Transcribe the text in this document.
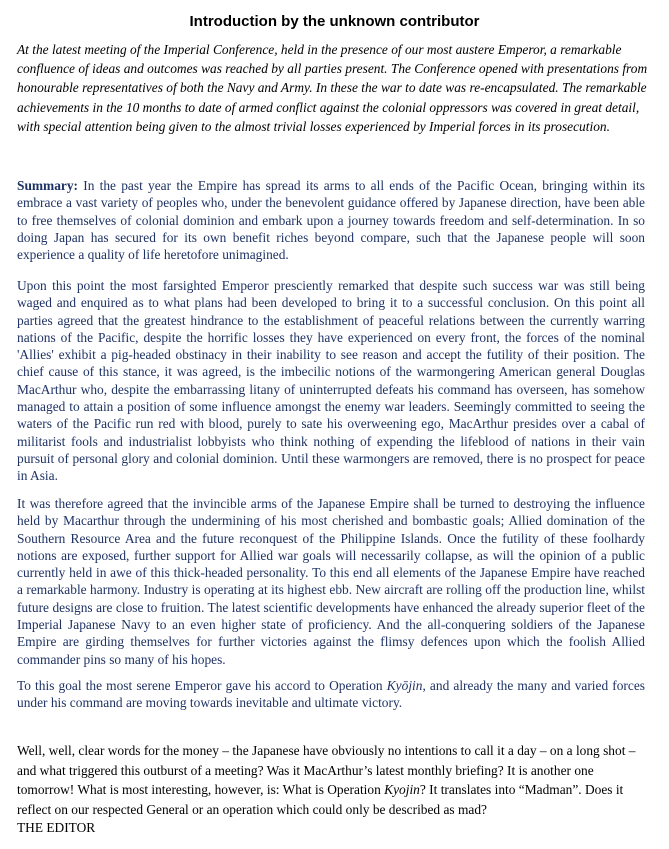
Introduction by the unknown contributor

At the latest meeting of the Imperial Conference, held in the presence of our most austere Emperor, a remarkable confluence of ideas and outcomes was reached by all parties present. The Conference opened with presentations from honourable representatives of both the Navy and Army. In these the war to date was re-encapsulated. The remarkable achievements in the 10 months to date of armed conflict against the colonial oppressors was covered in great detail, with special attention being given to the almost trivial losses experienced by Imperial forces in its prosecution.

Summary: In the past year the Empire has spread its arms to all ends of the Pacific Ocean, bringing within its embrace a vast variety of peoples who, under the benevolent guidance offered by Japanese direction, have been able to free themselves of colonial dominion and embark upon a journey towards freedom and self-determination. In so doing Japan has secured for its own benefit riches beyond compare, such that the Japanese people will soon experience a quality of life heretofore unimagined.

Upon this point the most farsighted Emperor presciently remarked that despite such success war was still being waged and enquired as to what plans had been developed to bring it to a successful conclusion. On this point all parties agreed that the greatest hindrance to the establishment of peaceful relations between the currently warring nations of the Pacific, despite the horrific losses they have experienced on every front, the forces of the nominal 'Allies' exhibit a pig-headed obstinacy in their inability to see reason and accept the futility of their position. The chief cause of this stance, it was agreed, is the imbecilic notions of the warmongering American general Douglas MacArthur who, despite the embarrassing litany of uninterrupted defeats his command has overseen, has somehow managed to attain a position of some influence amongst the enemy war leaders. Seemingly committed to seeing the waters of the Pacific run red with blood, purely to sate his overweening ego, MacArthur presides over a cabal of militarist fools and industrialist lobbyists who think nothing of expending the lifeblood of nations in their vain pursuit of personal glory and colonial dominion. Until these warmongers are removed, there is no prospect for peace in Asia.

It was therefore agreed that the invincible arms of the Japanese Empire shall be turned to destroying the influence held by Macarthur through the undermining of his most cherished and bombastic goals; Allied domination of the Southern Resource Area and the future reconquest of the Philippine Islands. Once the futility of these foolhardy notions are exposed, further support for Allied war goals will necessarily collapse, as will the opinion of a public currently held in awe of this thick-headed personality. To this end all elements of the Japanese Empire have reached a remarkable harmony. Industry is operating at its highest ebb. New aircraft are rolling off the production line, whilst future designs are close to fruition. The latest scientific developments have enhanced the already superior fleet of the Imperial Japanese Navy to an even higher state of proficiency. And the all-conquering soldiers of the Japanese Empire are girding themselves for further victories against the flimsy defences upon which the foolish Allied commander pins so many of his hopes.

To this goal the most serene Emperor gave his accord to Operation Kyōjin, and already the many and varied forces under his command are moving towards inevitable and ultimate victory.

Well, well, clear words for the money – the Japanese have obviously no intentions to call it a day – on a long shot – and what triggered this outburst of a meeting? Was it MacArthur’s latest monthly briefing? It is another one tomorrow! What is most interesting, however, is: What is Operation Kyojin? It translates into “Madman”. Does it reflect on our respected General or an operation which could only be described as mad?

THE EDITOR
